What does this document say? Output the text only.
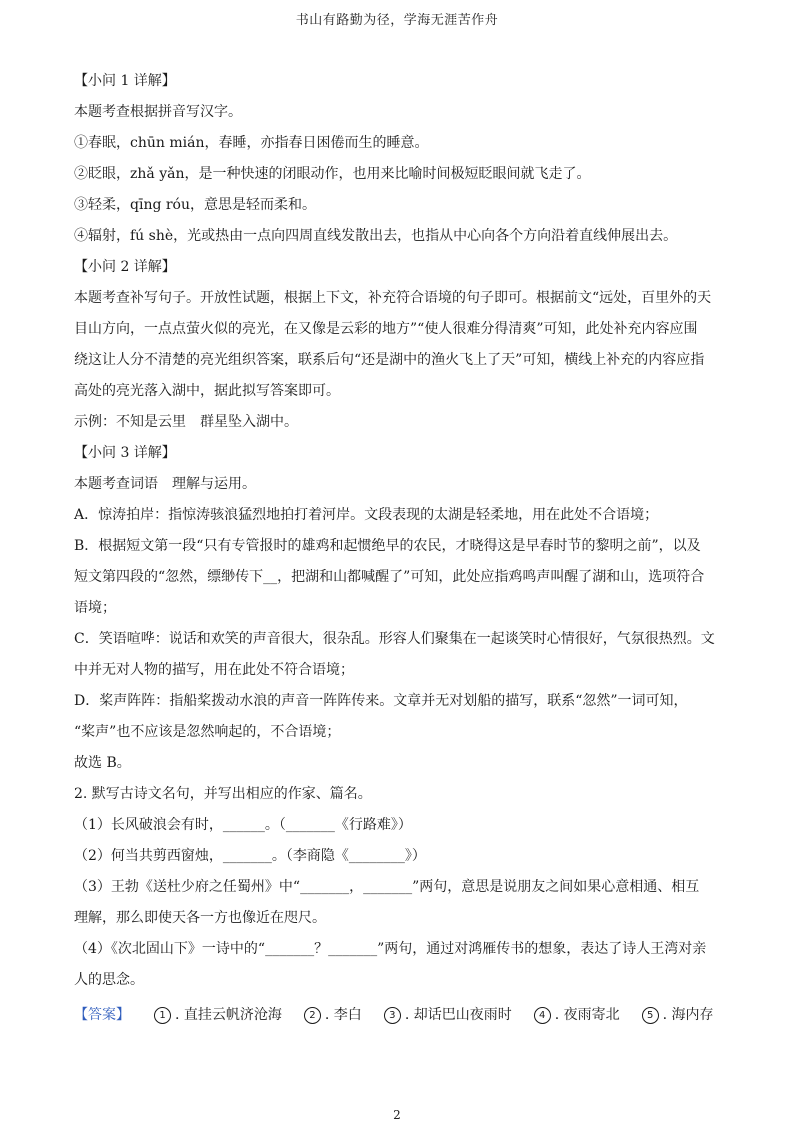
书山有路勤为径，学海无涯苦作舟

【小问 1 详解】

本题考查根据拼音写汉字。

①春眠，chūn mián，春睡，亦指春日困倦而生的睡意。

②眨眼，zhǎ yǎn，是一种快速的闭眼动作，也用来比喻时间极短眨眼间就飞走了。

③轻柔，qīng róu，意思是轻而柔和。

④辐射，fú shè，光或热由一点向四周直线发散出去，也指从中心向各个方向沿着直线伸展出去。

【小问 2 详解】

本题考查补写句子。开放性试题，根据上下文，补充符合语境的句子即可。根据前文“远处，百里外的天

目山方向，一点点萤火似的亮光，在又像是云彩的地方”“使人很难分得清爽”可知，此处补充内容应围

绕这让人分不清楚的亮光组织答案，联系后句“还是湖中的渔火飞上了天”可知，横线上补充的内容应指

高处的亮光落入湖中，据此拟写答案即可。

示例：不知是云里　群星坠入湖中。

【小问 3 详解】

本题考查词语　理解与运用。

A．惊涛拍岸：指惊涛骇浪猛烈地拍打着河岸。文段表现的太湖是轻柔地，用在此处不合语境；

B．根据短文第一段“只有专管报时的雄鸡和起惯绝早的农民，才晓得这是早春时节的黎明之前”，以及

短文第四段的“忽然，缥缈传下__，把湖和山都喊醒了”可知，此处应指鸡鸣声叫醒了湖和山，选项符合

语境；

C．笑语喧哗：说话和欢笑的声音很大，很杂乱。形容人们聚集在一起谈笑时心情很好，气氛很热烈。文

中并无对人物的描写，用在此处不符合语境；

D．桨声阵阵：指船桨拨动水浪的声音一阵阵传来。文章并无对划船的描写，联系“忽然”一词可知，

“桨声”也不应该是忽然响起的，不合语境；

故选 B。

2. 默写古诗文名句，并写出相应的作家、篇名。

（1）长风破浪会有时，______。（_______《行路难》）

（2）何当共剪西窗烛，_______。（李商隐《________》）

（3）王勃《送杜少府之任蜀州》中“_______，_______”两句，意思是说朋友之间如果心意相通、相互

理解，那么即使天各一方也像近在咫尺。

（4）《次北固山下》一诗中的“_______？_______”两句，通过对鸿雁传书的想象，表达了诗人王湾对亲

人的思念。

【答案】	1 . 直挂云帆济沧海	2 . 李白	3 . 却话巴山夜雨时	4 . 夜雨寄北	5 . 海内存
2
